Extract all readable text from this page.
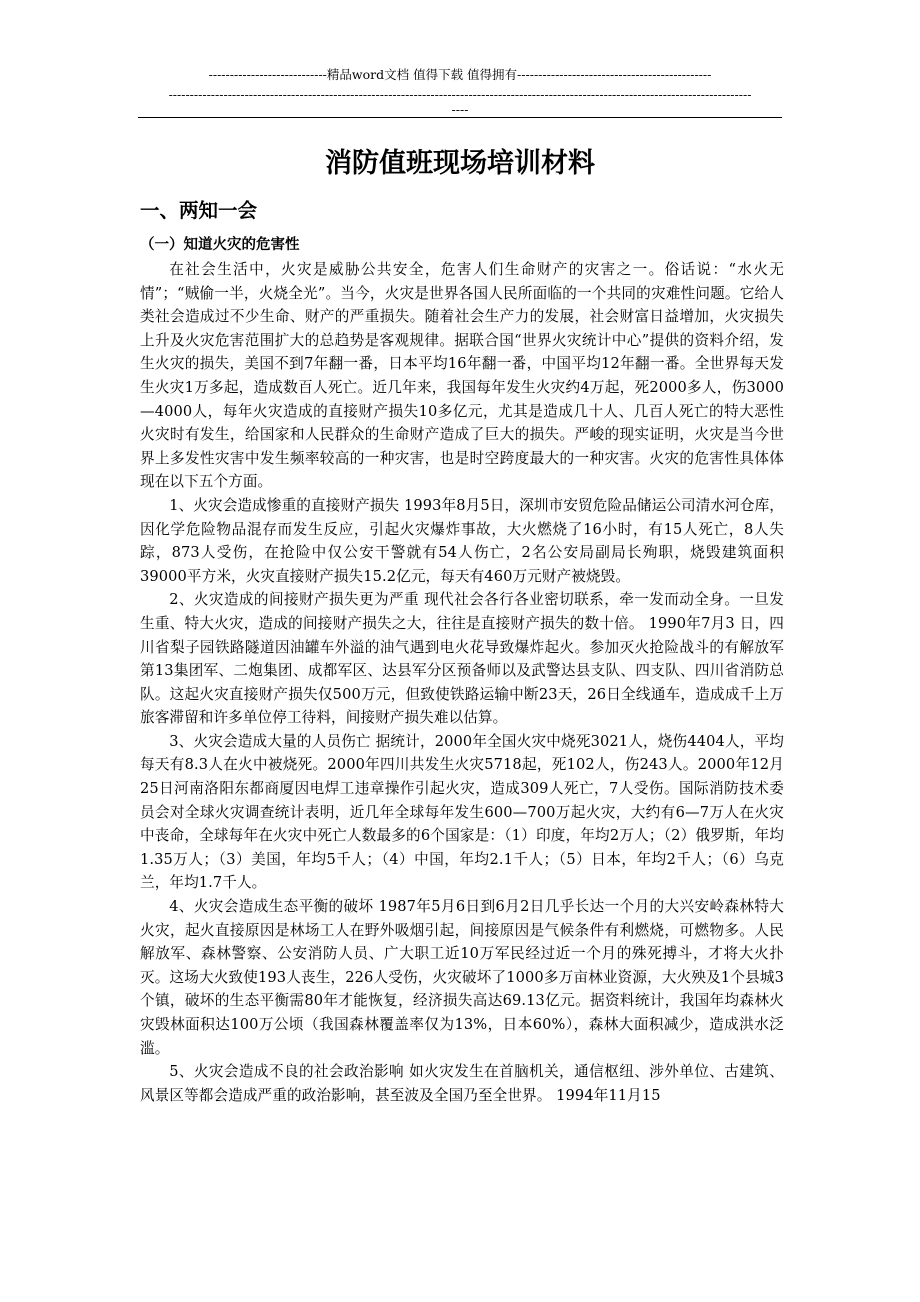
----------------------------精品word文档 值得下载 值得拥有----------------------------------------------
------------------------------------------------------------------------------------------------------------------------------------------
----
消防值班现场培训材料
一、两知一会
（一）知道火灾的危害性

在社会生活中，火灾是威胁公共安全，危害人们生命财产的灾害之一。俗话说：“水火无情”；“贼偷一半，火烧全光”。当今，火灾是世界各国人民所面临的一个共同的灾难性问题。它给人类社会造成过不少生命、财产的严重损失。随着社会生产力的发展，社会财富日益增加，火灾损失上升及火灾危害范围扩大的总趋势是客观规律。据联合国“世界火灾统计中心”提供的资料介绍，发生火灾的损失，美国不到7年翻一番，日本平均16年翻一番，中国平均12年翻一番。全世界每天发生火灾1万多起，造成数百人死亡。近几年来，我国每年发生火灾约4万起，死2000多人，伤3000—4000人，每年火灾造成的直接财产损失10多亿元，尤其是造成几十人、几百人死亡的特大恶性火灾时有发生，给国家和人民群众的生命财产造成了巨大的损失。严峻的现实证明，火灾是当今世界上多发性灾害中发生频率较高的一种灾害，也是时空跨度最大的一种灾害。火灾的危害性具体体现在以下五个方面。

1、火灾会造成惨重的直接财产损失 1993年8月5日，深圳市安贸危险品储运公司清水河仓库，因化学危险物品混存而发生反应，引起火灾爆炸事故，大火燃烧了16小时，有15人死亡，8人失踪，873人受伤，在抢险中仅公安干警就有54人伤亡，2名公安局副局长殉职，烧毁建筑面积39000平方米，火灾直接财产损失15.2亿元，每天有460万元财产被烧毁。

2、火灾造成的间接财产损失更为严重 现代社会各行各业密切联系，牵一发而动全身。一旦发生重、特大火灾，造成的间接财产损失之大，往往是直接财产损失的数十倍。 1990年7月3 日，四川省梨子园铁路隧道因油罐车外溢的油气遇到电火花导致爆炸起火。参加灭火抢险战斗的有解放军第13集团军、二炮集团、成都军区、达县军分区预备师以及武警达县支队、四支队、四川省消防总队。这起火灾直接财产损失仅500万元，但致使铁路运输中断23天，26日全线通车，造成成千上万旅客滞留和许多单位停工待料，间接财产损失难以估算。

3、火灾会造成大量的人员伤亡 据统计，2000年全国火灾中烧死3021人，烧伤4404人，平均每天有8.3人在火中被烧死。2000年四川共发生火灾5718起，死102人，伤243人。2000年12月25日河南洛阳东都商厦因电焊工违章操作引起火灾，造成309人死亡，7人受伤。国际消防技术委员会对全球火灾调查统计表明，近几年全球每年发生600—700万起火灾，大约有6—7万人在火灾中丧命，全球每年在火灾中死亡人数最多的6个国家是：（1）印度，年均2万人；（2）俄罗斯，年均1.35万人；（3）美国，年均5千人；（4）中国，年均2.1千人；（5）日本，年均2千人；（6）乌克兰，年均1.7千人。

4、火灾会造成生态平衡的破坏 1987年5月6日到6月2日几乎长达一个月的大兴安岭森林特大火灾，起火直接原因是林场工人在野外吸烟引起，间接原因是气候条件有利燃烧，可燃物多。人民解放军、森林警察、公安消防人员、广大职工近10万军民经过近一个月的殊死搏斗，才将大火扑灭。这场大火致使193人丧生，226人受伤，火灾破坏了1000多万亩林业资源，大火殃及1个县城3个镇，破坏的生态平衡需80年才能恢复，经济损失高达69.13亿元。据资料统计，我国年均森林火灾毁林面积达100万公顷（我国森林覆盖率仅为13%，日本60%），森林大面积减少，造成洪水泛滥。

5、火灾会造成不良的社会政治影响 如火灾发生在首脑机关，通信枢纽、涉外单位、古建筑、风景区等都会造成严重的政治影响，甚至波及全国乃至全世界。 1994年11月15
